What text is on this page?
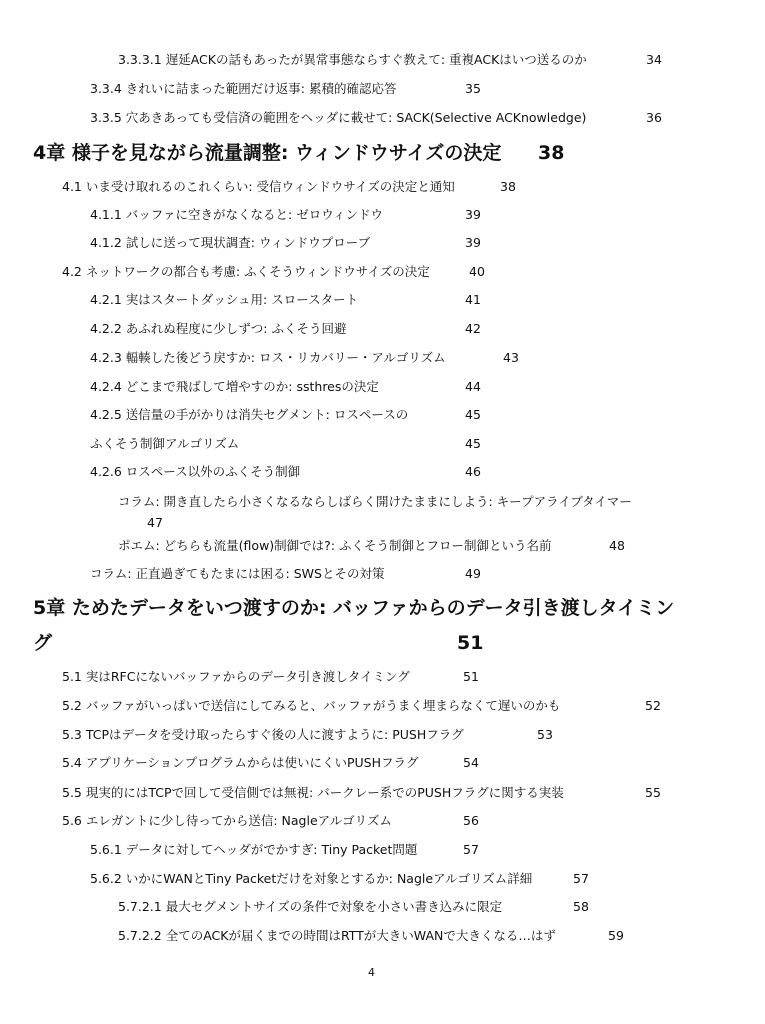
3.3.3.1 遅延ACKの話もあったが異常事態ならすぐ教えて: 重複ACKはいつ送るのか	34
3.3.4 きれいに詰まった範囲だけ返事: 累積的確認応答	35
3.3.5 穴あきあっても受信済の範囲をヘッダに載せて: SACK(Selective ACKnowledge)	36
4章 様子を見ながら流量調整: ウィンドウサイズの決定 38
4.1 いま受け取れるのこれくらい: 受信ウィンドウサイズの決定と通知	38
4.1.1 バッファに空きがなくなると: ゼロウィンドウ	39
4.1.2 試しに送って現状調査: ウィンドウプローブ	39
4.2 ネットワークの都合も考慮: ふくそうウィンドウサイズの決定	40
4.2.1 実はスタートダッシュ用: スロースタート	41
4.2.2 あふれぬ程度に少しずつ: ふくそう回避	42
4.2.3 輻輳した後どう戻すか: ロス・リカバリー・アルゴリズム	43
4.2.4 どこまで飛ばして増やすのか: ssthresの決定	44
4.2.5 送信量の手がかりは消失セグメント: ロスペースの	45
ふくそう制御アルゴリズム	45
4.2.6 ロスペース以外のふくそう制御	46
コラム: 開き直したら小さくなるならしばらく開けたままにしよう: キープアライブタイマー
47
ポエム: どちらも流量(flow)制御では?: ふくそう制御とフロー制御という名前	48
コラム: 正直過ぎてもたまには困る: SWSとその対策	49
5章 ためたデータをいつ渡すのか: バッファからのデータ引き渡しタイミン
グ	51
5.1 実はRFCにないバッファからのデータ引き渡しタイミング	51
5.2 バッファがいっぱいで送信にしてみると、バッファがうまく埋まらなくて遅いのかも	52
5.3 TCPはデータを受け取ったらすぐ後の人に渡すように: PUSHフラグ	53
5.4 アプリケーションプログラムからは使いにくいPUSHフラグ	54
5.5 現実的にはTCPで回して受信側では無視: バークレー系でのPUSHフラグに関する実装	55
5.6 エレガントに少し待ってから送信: Nagleアルゴリズム	56
5.6.1 データに対してヘッダがでかすぎ: Tiny Packet問題	57
5.6.2 いかにWANとTiny Packetだけを対象とするか: Nagleアルゴリズム詳細	57
5.7.2.1 最大セグメントサイズの条件で対象を小さい書き込みに限定	58
5.7.2.2 全てのACKが届くまでの時間はRTTが大きいWANで大きくなる…はず	59
4
